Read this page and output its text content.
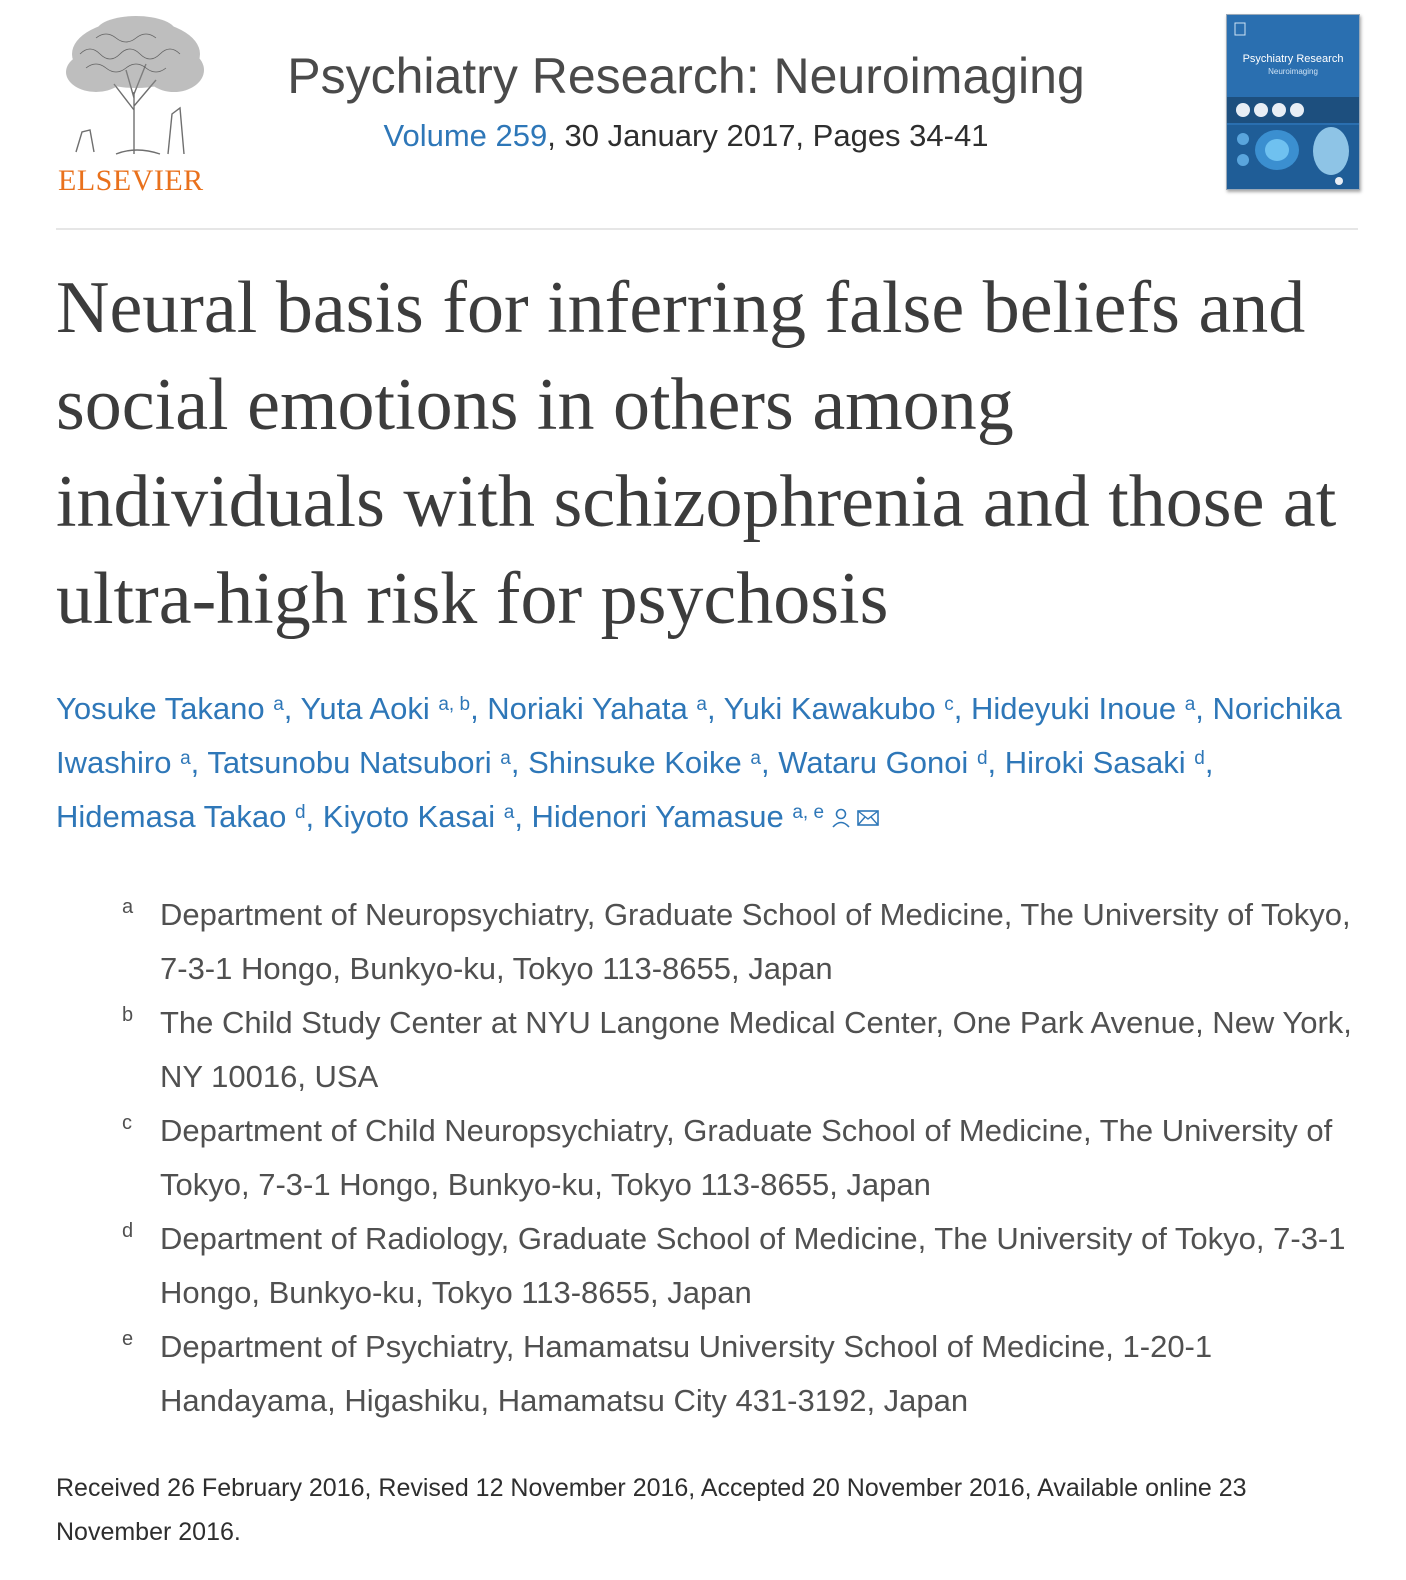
ELSEVIER
Psychiatry Research: Neuroimaging
Volume 259, 30 January 2017, Pages 34-41
Psychiatry Research
Neuroimaging
Neural basis for inferring false beliefs and social emotions in others among individuals with schizophrenia and those at ultra-high risk for psychosis
Yosuke Takano $^a$, Yuta Aoki $^{a, b}$, Noriaki Yahata $^a$, Yuki Kawakubo $^c$, Hideyuki Inoue $^a$, Norichika Iwashiro $^a$, Tatsunobu Natsubori $^a$, Shinsuke Koike $^a$, Wataru Gonoi $^d$, Hiroki Sasaki $^d$, Hidemasa Takao $^d$, Kiyoto Kasai $^a$, Hidenori Yamasue $^{a, e}$
a Department of Neuropsychiatry, Graduate School of Medicine, The University of Tokyo, 7-3-1 Hongo, Bunkyo-ku, Tokyo 113-8655, Japan
b The Child Study Center at NYU Langone Medical Center, One Park Avenue, New York, NY 10016, USA
c Department of Child Neuropsychiatry, Graduate School of Medicine, The University of Tokyo, 7-3-1 Hongo, Bunkyo-ku, Tokyo 113-8655, Japan
d Department of Radiology, Graduate School of Medicine, The University of Tokyo, 7-3-1 Hongo, Bunkyo-ku, Tokyo 113-8655, Japan
e Department of Psychiatry, Hamamatsu University School of Medicine, 1-20-1 Handayama, Higashiku, Hamamatsu City 431-3192, Japan
Received 26 February 2016, Revised 12 November 2016, Accepted 20 November 2016, Available online 23 November 2016.
